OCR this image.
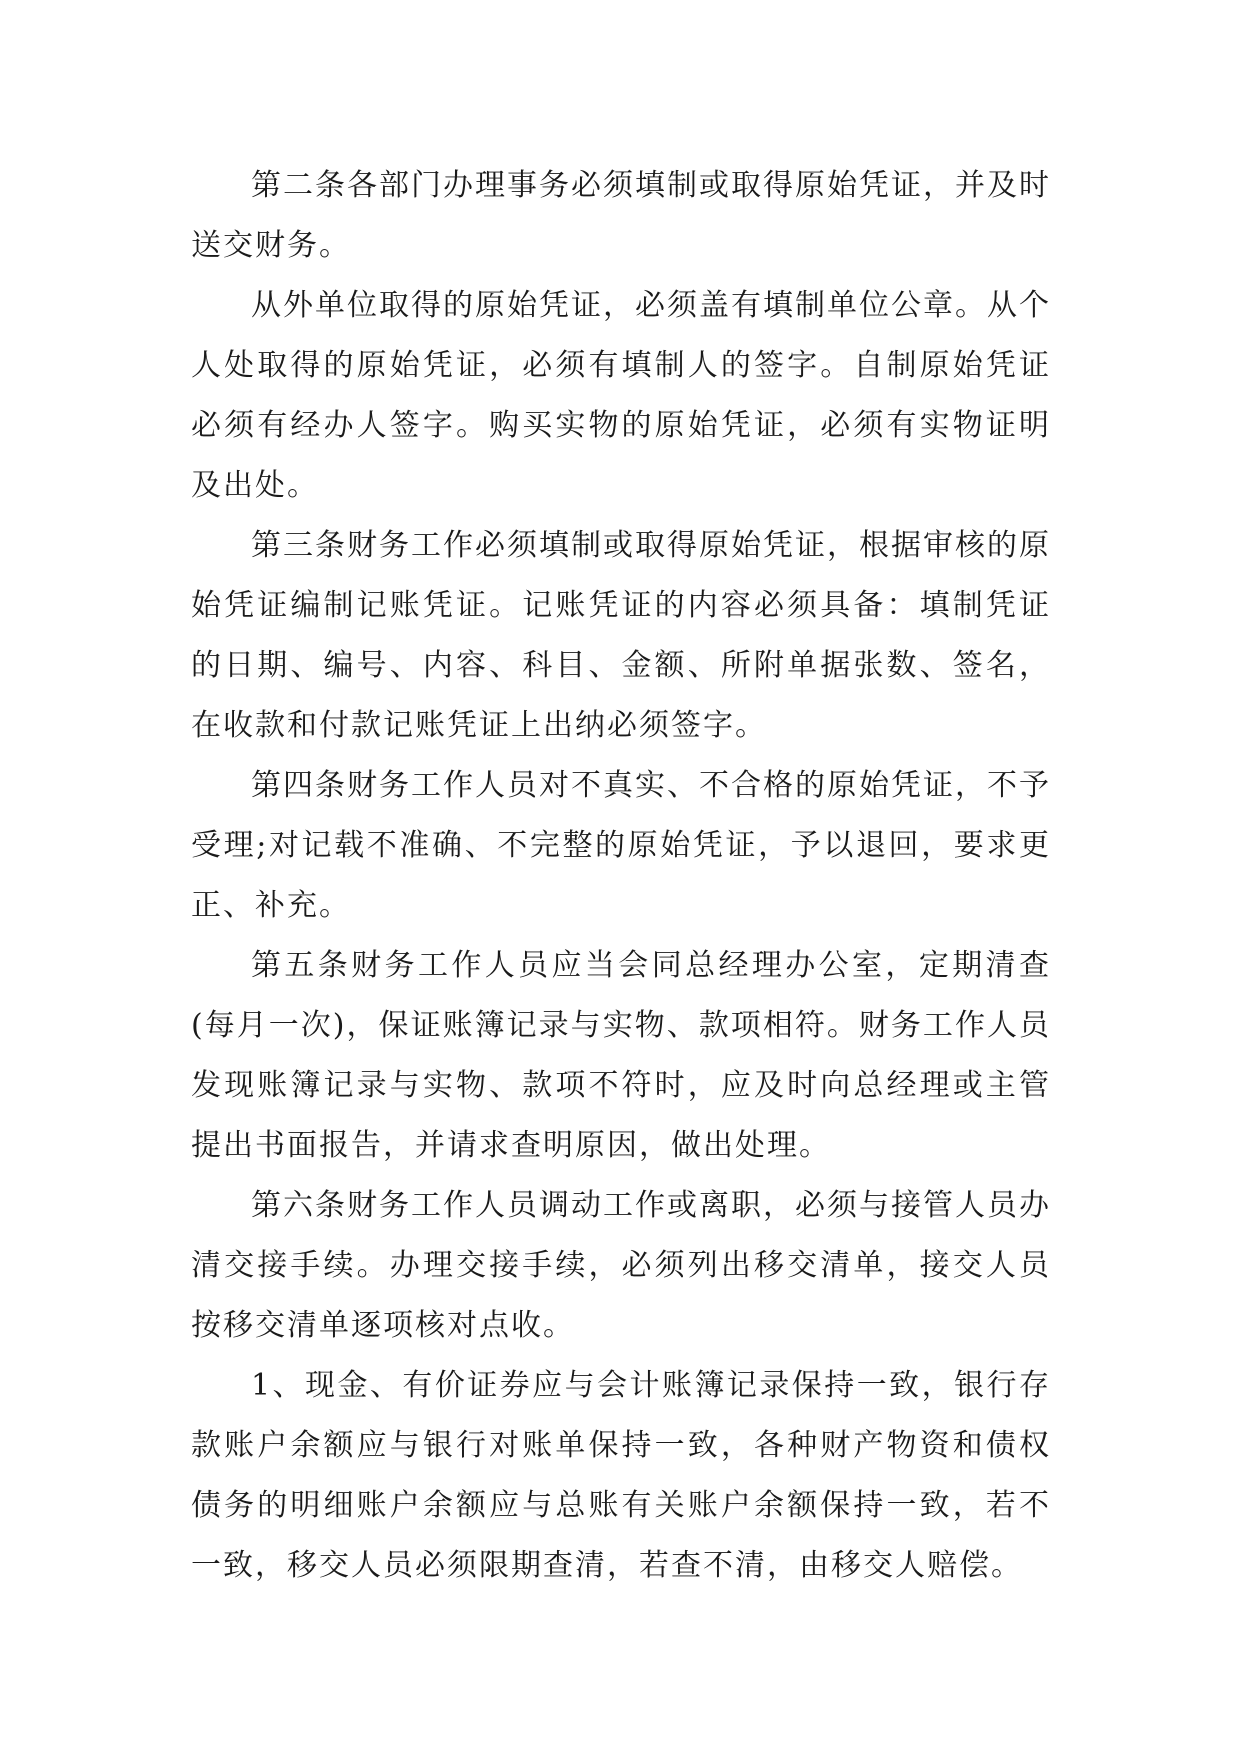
第二条各部门办理事务必须填制或取得原始凭证，并及时送交财务。

从外单位取得的原始凭证，必须盖有填制单位公章。从个人处取得的原始凭证，必须有填制人的签字。自制原始凭证必须有经办人签字。购买实物的原始凭证，必须有实物证明及出处。

第三条财务工作必须填制或取得原始凭证，根据审核的原始凭证编制记账凭证。记账凭证的内容必须具备：填制凭证的日期、编号、内容、科目、金额、所附单据张数、签名，在收款和付款记账凭证上出纳必须签字。

第四条财务工作人员对不真实、不合格的原始凭证，不予受理;对记载不准确、不完整的原始凭证，予以退回，要求更正、补充。

第五条财务工作人员应当会同总经理办公室，定期清查(每月一次)，保证账簿记录与实物、款项相符。财务工作人员发现账簿记录与实物、款项不符时，应及时向总经理或主管提出书面报告，并请求查明原因，做出处理。

第六条财务工作人员调动工作或离职，必须与接管人员办清交接手续。办理交接手续，必须列出移交清单，接交人员按移交清单逐项核对点收。

1、现金、有价证券应与会计账簿记录保持一致，银行存款账户余额应与银行对账单保持一致，各种财产物资和债权债务的明细账户余额应与总账有关账户余额保持一致，若不一致，移交人员必须限期查清，若查不清，由移交人赔偿。
